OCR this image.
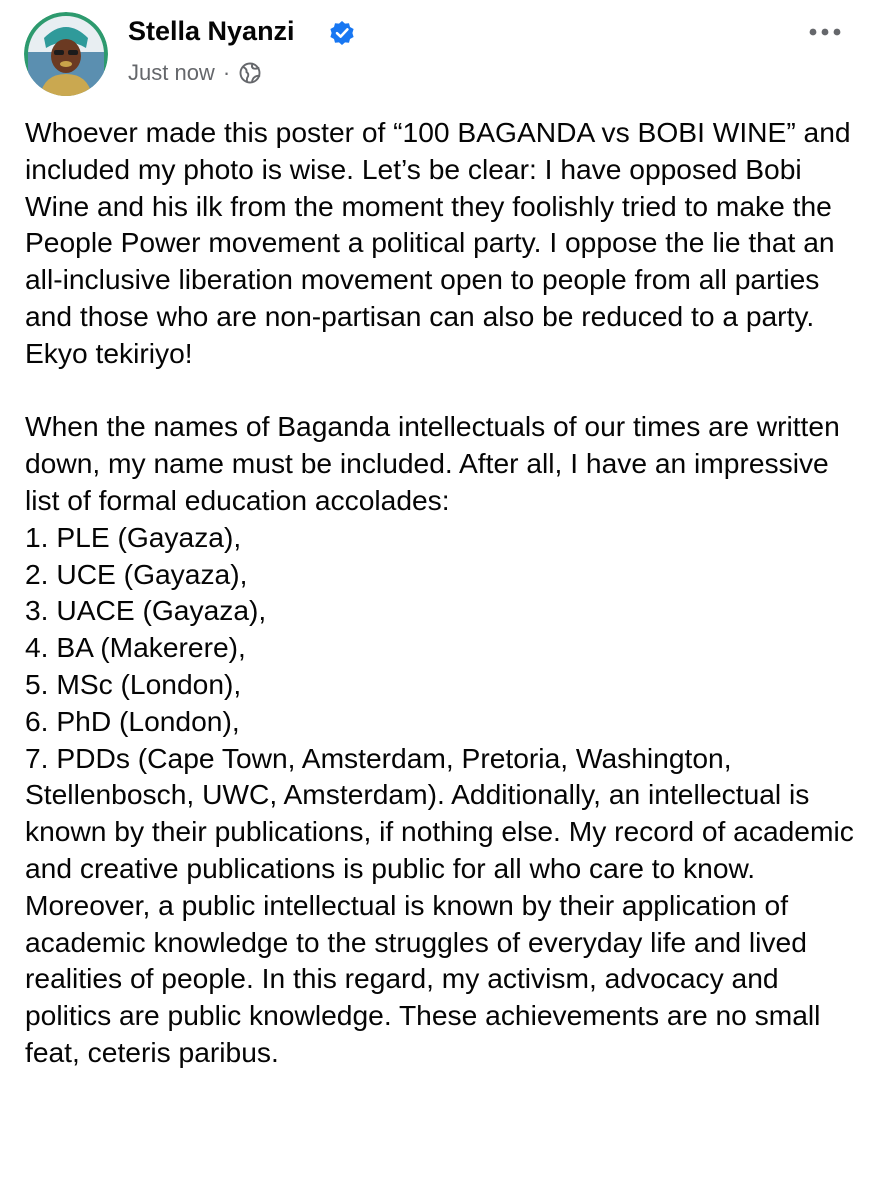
Stella Nyanzi
Just now ·

Whoever made this poster of “100 BAGANDA vs BOBI WINE” and included my photo is wise. Let’s be clear: I have opposed Bobi Wine and his ilk from the moment they foolishly tried to make the People Power movement a political party. I oppose the lie that an all-inclusive liberation movement open to people from all parties and those who are non-partisan can also be reduced to a party. Ekyo tekiriyo!

When the names of Baganda intellectuals of our times are written down, my name must be included. After all, I have an impressive list of formal education accolades:
1. PLE (Gayaza),
2. UCE (Gayaza),
3. UACE (Gayaza),
4. BA (Makerere),
5. MSc (London),
6. PhD (London),
7. PDDs (Cape Town, Amsterdam, Pretoria, Washington, Stellenbosch, UWC, Amsterdam). Additionally, an intellectual is known by their publications, if nothing else. My record of academic and creative publications is public for all who care to know. Moreover, a public intellectual is known by their application of academic knowledge to the struggles of everyday life and lived realities of people. In this regard, my activism, advocacy and politics are public knowledge. These achievements are no small feat, ceteris paribus.
